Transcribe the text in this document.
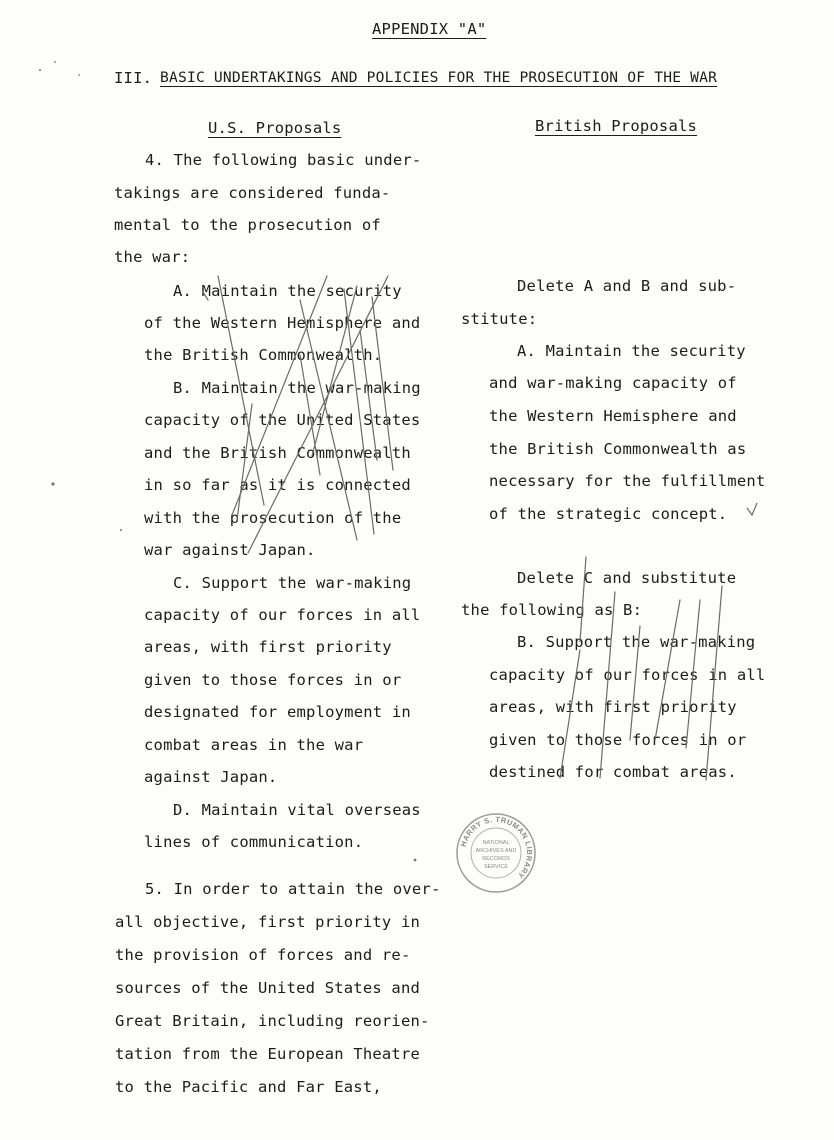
APPENDIX "A"
III. BASIC UNDERTAKINGS AND POLICIES FOR THE PROSECUTION OF THE WAR
U.S. Proposals	British Proposals
4. The following basic under-
takings are considered funda-
mental to the prosecution of
the war:
A. Maintain the security
of the Western Hemisphere and
the British Commonwealth.
B. Maintain the war-making
capacity of the United States
and the British Commonwealth
in so far as it is connected
with the prosecution of the
war against Japan.
C. Support the war-making
capacity of our forces in all
areas, with first priority
given to those forces in or
designated for employment in
combat areas in the war
against Japan.
D. Maintain vital overseas
lines of communication.
5. In order to attain the over-
all objective, first priority in
the provision of forces and re-
sources of the United States and
Great Britain, including reorien-
tation from the European Theatre
to the Pacific and Far East,
Delete A and B and sub-
stitute:
A. Maintain the security
and war-making capacity of
the Western Hemisphere and
the British Commonwealth as
necessary for the fulfillment
of the strategic concept.
Delete C and substitute
the following as B:
B. Support the war-making
capacity of our forces in all
areas, with first priority
given to those forces in or
destined for combat areas.
HARRY S. TRUMAN LIBRARY
NATIONAL
ARCHIVES AND
RECORDS
SERVICE
